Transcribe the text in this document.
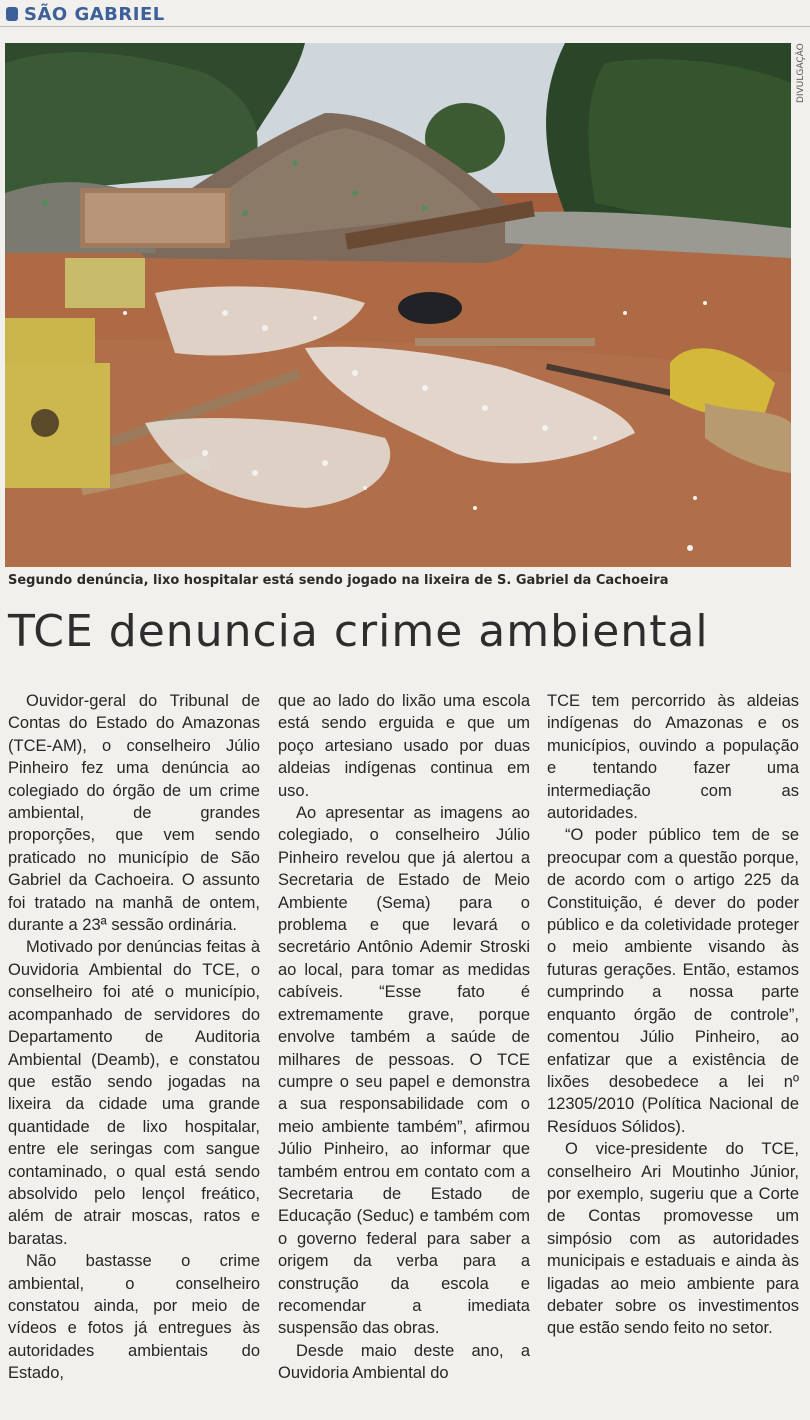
SÃO GABRIEL
DIVULGAÇÃO
Segundo denúncia, lixo hospitalar está sendo jogado na lixeira de S. Gabriel da Cachoeira
TCE denuncia crime ambiental

Ouvidor-geral do Tribunal de Contas do Estado do Amazonas (TCE-AM), o conselheiro Júlio Pinheiro fez uma denúncia ao colegiado do órgão de um crime ambiental, de grandes proporções, que vem sendo praticado no município de São Gabriel da Cachoeira. O assunto foi tratado na manhã de ontem, durante a 23ª sessão ordinária.

Motivado por denúncias feitas à Ouvidoria Ambiental do TCE, o conselheiro foi até o município, acompanhado de servidores do Departamento de Auditoria Ambiental (Deamb), e constatou que estão sendo jogadas na lixeira da cidade uma grande quantidade de lixo hospitalar, entre ele seringas com sangue contaminado, o qual está sendo absolvido pelo lençol freático, além de atrair moscas, ratos e baratas.

Não bastasse o crime ambiental, o conselheiro constatou ainda, por meio de vídeos e fotos já entregues às autoridades ambientais do Estado,

que ao lado do lixão uma escola está sendo erguida e que um poço artesiano usado por duas aldeias indígenas continua em uso.

Ao apresentar as imagens ao colegiado, o conselheiro Júlio Pinheiro revelou que já alertou a Secretaria de Estado de Meio Ambiente (Sema) para o problema e que levará o secretário Antônio Ademir Stroski ao local, para tomar as medidas cabíveis. “Esse fato é extremamente grave, porque envolve também a saúde de milhares de pessoas. O TCE cumpre o seu papel e demonstra a sua responsabilidade com o meio ambiente também”, afirmou Júlio Pinheiro, ao informar que também entrou em contato com a Secretaria de Estado de Educação (Seduc) e também com o governo federal para saber a origem da verba para a construção da escola e recomendar a imediata suspensão das obras.

Desde maio deste ano, a Ouvidoria Ambiental do

TCE tem percorrido às aldeias indígenas do Amazonas e os municípios, ouvindo a população e tentando fazer uma intermediação com as autoridades.

“O poder público tem de se preocupar com a questão porque, de acordo com o artigo 225 da Constituição, é dever do poder público e da coletividade proteger o meio ambiente visando às futuras gerações. Então, estamos cumprindo a nossa parte enquanto órgão de controle”, comentou Júlio Pinheiro, ao enfatizar que a existência de lixões desobedece a lei nº 12305/2010 (Política Nacional de Resíduos Sólidos).

O vice-presidente do TCE, conselheiro Ari Moutinho Júnior, por exemplo, sugeriu que a Corte de Contas promovesse um simpósio com as autoridades municipais e estaduais e ainda às ligadas ao meio ambiente para debater sobre os investimentos que estão sendo feito no setor.
